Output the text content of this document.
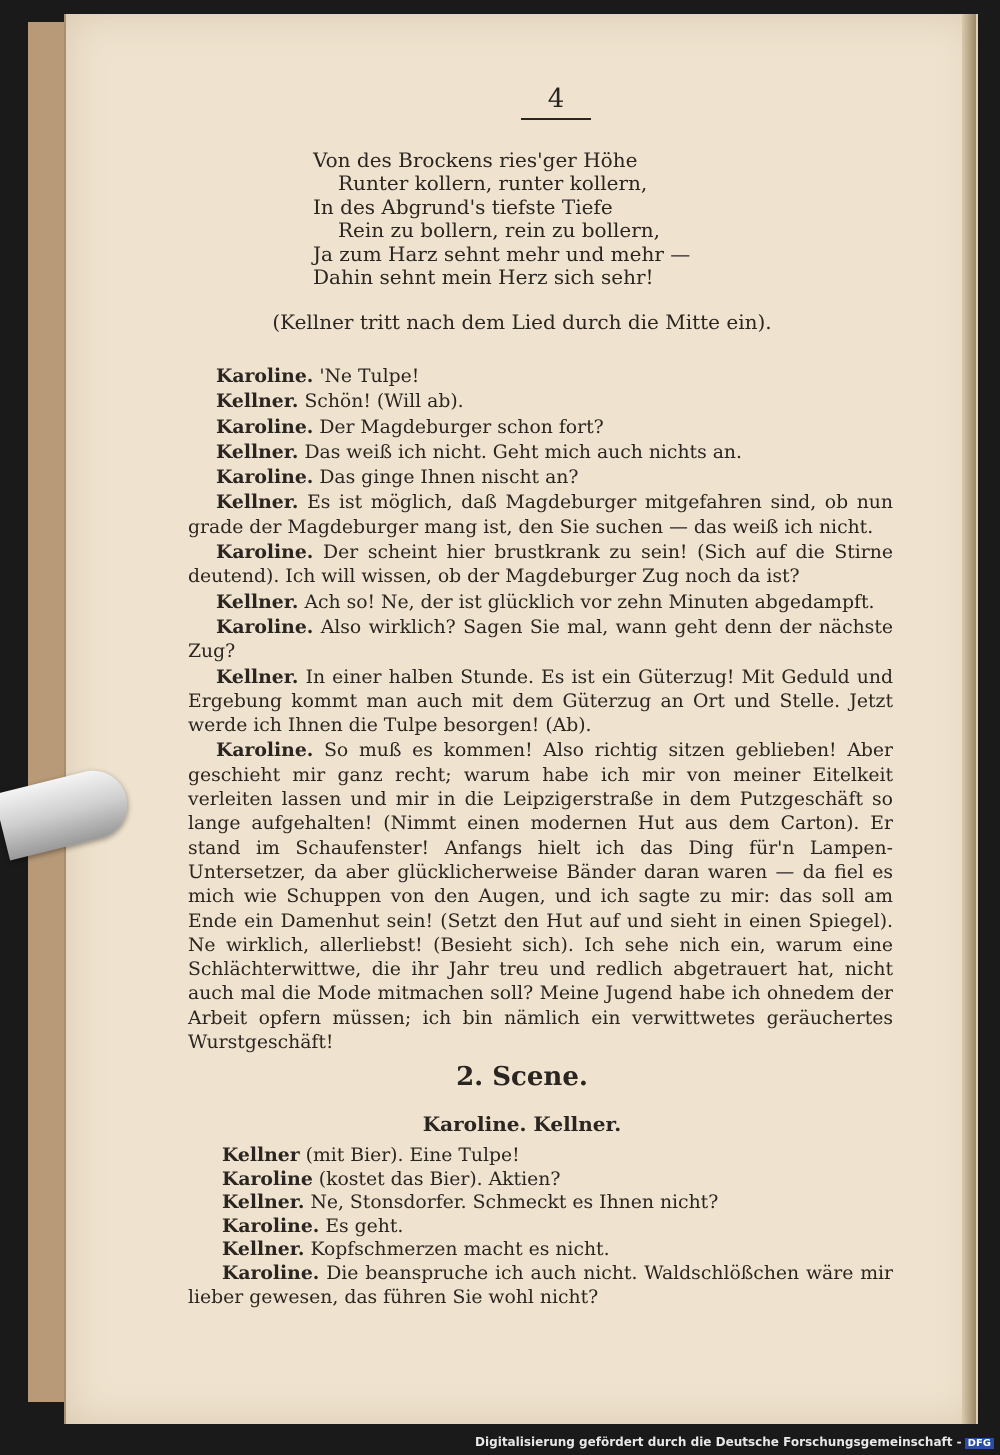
4
Von des Brockens ries'ger Höhe
Runter kollern, runter kollern,
In des Abgrund's tiefste Tiefe
Rein zu bollern, rein zu bollern,
Ja zum Harz sehnt mehr und mehr —
Dahin sehnt mein Herz sich sehr!
(Kellner tritt nach dem Lied durch die Mitte ein).

Karoline. 'Ne Tulpe!

Kellner. Schön! (Will ab).

Karoline. Der Magdeburger schon fort?

Kellner. Das weiß ich nicht. Geht mich auch nichts an.

Karoline. Das ginge Ihnen nischt an?

Kellner. Es ist möglich, daß Magdeburger mitgefahren sind, ob nun grade der Magdeburger mang ist, den Sie suchen — das weiß ich nicht.

Karoline. Der scheint hier brustkrank zu sein! (Sich auf die Stirne deutend). Ich will wissen, ob der Magdeburger Zug noch da ist?

Kellner. Ach so! Ne, der ist glücklich vor zehn Minuten abgedampft.

Karoline. Also wirklich? Sagen Sie mal, wann geht denn der nächste Zug?

Kellner. In einer halben Stunde. Es ist ein Güterzug! Mit Geduld und Ergebung kommt man auch mit dem Güterzug an Ort und Stelle. Jetzt werde ich Ihnen die Tulpe besorgen! (Ab).

Karoline. So muß es kommen! Also richtig sitzen geblieben! Aber geschieht mir ganz recht; warum habe ich mir von meiner Eitelkeit verleiten lassen und mir in die Leipzigerstraße in dem Putzgeschäft so lange aufgehalten! (Nimmt einen modernen Hut aus dem Carton). Er stand im Schaufenster! Anfangs hielt ich das Ding für'n Lampen-Untersetzer, da aber glücklicherweise Bänder daran waren — da fiel es mich wie Schuppen von den Augen, und ich sagte zu mir: das soll am Ende ein Damenhut sein! (Setzt den Hut auf und sieht in einen Spiegel). Ne wirklich, allerliebst! (Besieht sich). Ich sehe nich ein, warum eine Schlächterwittwe, die ihr Jahr treu und redlich abgetrauert hat, nicht auch mal die Mode mitmachen soll? Meine Jugend habe ich ohnedem der Arbeit opfern müssen; ich bin nämlich ein verwittwetes geräuchertes Wurstgeschäft!

2. Scene.
Karoline. Kellner.

Kellner (mit Bier). Eine Tulpe!

Karoline (kostet das Bier). Aktien?

Kellner. Ne, Stonsdorfer. Schmeckt es Ihnen nicht?

Karoline. Es geht.

Kellner. Kopfschmerzen macht es nicht.

Karoline. Die beanspruche ich auch nicht. Waldschlößchen wäre mir lieber gewesen, das führen Sie wohl nicht?

Digitalisierung gefördert durch die Deutsche Forschungsgemeinschaft - DFG
